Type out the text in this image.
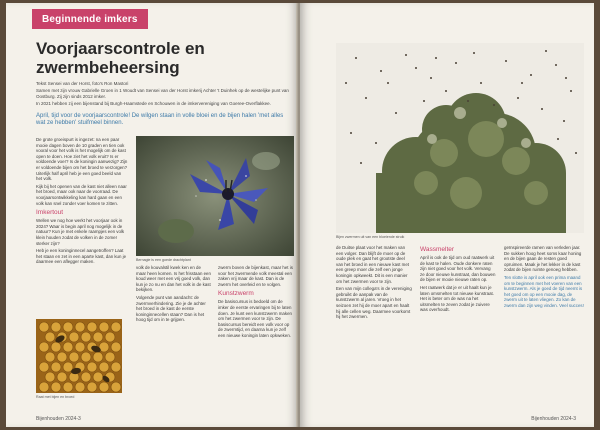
Beginnende imkers
Voorjaarscontrole en zwermbeheersing

Tekst Sensei van der Horst, foto's Ron Mastori

Samen met zijn vrouw Gabrielle Groen in 1 Woudt van Sensei van der Horst imkerij Achter 't Duinhek op de westelijke punt van Oostburg. Zij zijn sinds 2012 imker.

In 2021 hebben zij een bijenstand bij Burgh-Haamstede en Schouwen in de imkervereniging van Goeree-Overflakkee.

April, tijd voor de voorjaarscontrole! De wilgen staan in volle bloei en de bijen halen 'met alles wat ze hebben' stuifmeel binnen.

De grote groeispurt is ingezet: na een paar mooie dagen boven de 10 graden en tien ook vooral voor het volk is het mogelijk om de kast open te doen. Hoe ziet het volk eruit? Is er voldoende voer? Is de koningin aanwezig? Zijn er voldoende bijen om het broed te verzorgen? Uiterlijk half april heb je een goed beeld van het volk.

Kijk bij het openen van de kast niet alleen naar het broed, maar ook naar de voorraad. De voorjaarsontwikkeling kan hard gaan en een volk kan snel zonder voer komen te zitten.

Imkertout

Wellen we nog hoe werkt het voorjaar ook in 2024? Waar is begin april nog mogelijk in de natuur? Kun je met enkele raampjes een volk klein houden zodat de volken in de zomer sterker zijn?

Heb je een koninginnecel aangetroffen? Laat het staan en zet in een aparte kast, dan kun je daarmee een aflegger maken.	Bernagie is een goede drachtplant

volk de kouvalstil kwek ken en de maar heen komen. Is het frisstaan een koud weer met een vrij goed volk, dan kun je zo nu en dan het volk in de kast bekijken.

Volgende punt van aandacht: de zwermverhindering. Zie je de achter het broed in de kast de eerste koninginnecellen staan? Dan is het hoog tijd om in te grijpen.

zwerm boven de bijenkast, maar het is voor het zwermende volk meestal een zaken vrij maar de kast. Dan is de zwerm het overleid en te volgen.

Kunstzwerm

De basiscursus is bedoeld om de imker de eerste ervaringen bij te laten doen. Je kunt een kunstzwerm maken om het zwermen voor te zijn. De basiscursus bereidt een volk voor op de zwermtijd, en daarna kun je zelf een nieuwe koningin laten opkweken.

Raat met bijen en broed
Bijenhouden 2024-3
Bijen zwermen uit van een bloeiende struik

de Duitse plaat voor het maken van een volger. Dan blijft de moer op de oude plek en gaat het grootste deel van het broed in een nieuwe kast met een greep moer die zelf een jonge koningin opkweekt. Dit is een manier om het zwermen voor te zijn.

Een van mijn collega's in de vereniging gebruikt de aanpak van de kunstzwerm al jaren. Vroeg in het seizoen zet hij de moer apart en haalt hij alle cellen weg. Daarmee voorkomt hij het zwermen.

Wassmelter

April is ook de tijd om oud raatwerk uit de kast te halen. Oude donkere raten zijn niet goed voor het volk. Vervang ze door nieuwe kunstraat, dan bouwen de bijen er mooie nieuwe raten op.

Het raatwerk dat je er uit haalt kun je laten omsmelten tot nieuwe kunstraat. Het is beter om de was na het uitsmelten te zeven zodat je zuivere was overhoudt.

geïnspireerde ramen van verleden jaar. De sukken hoog heet soms kaar honing en de bijen gaan de resten goed opruimen. Maak je het lekker in de kast zodat de bijen ruimte genoeg hebben.

Ten slotte is april ook een prima maand om te beginnen met het voeren van een kunstzwerm. Als je goed de tijd neemt is het goed om op een mooie dag, de zwerm uit te laten vliegen. Zo kan de zwerm dan zijn weg vinden. Veel succes!

Bijenhouden 2024-3
